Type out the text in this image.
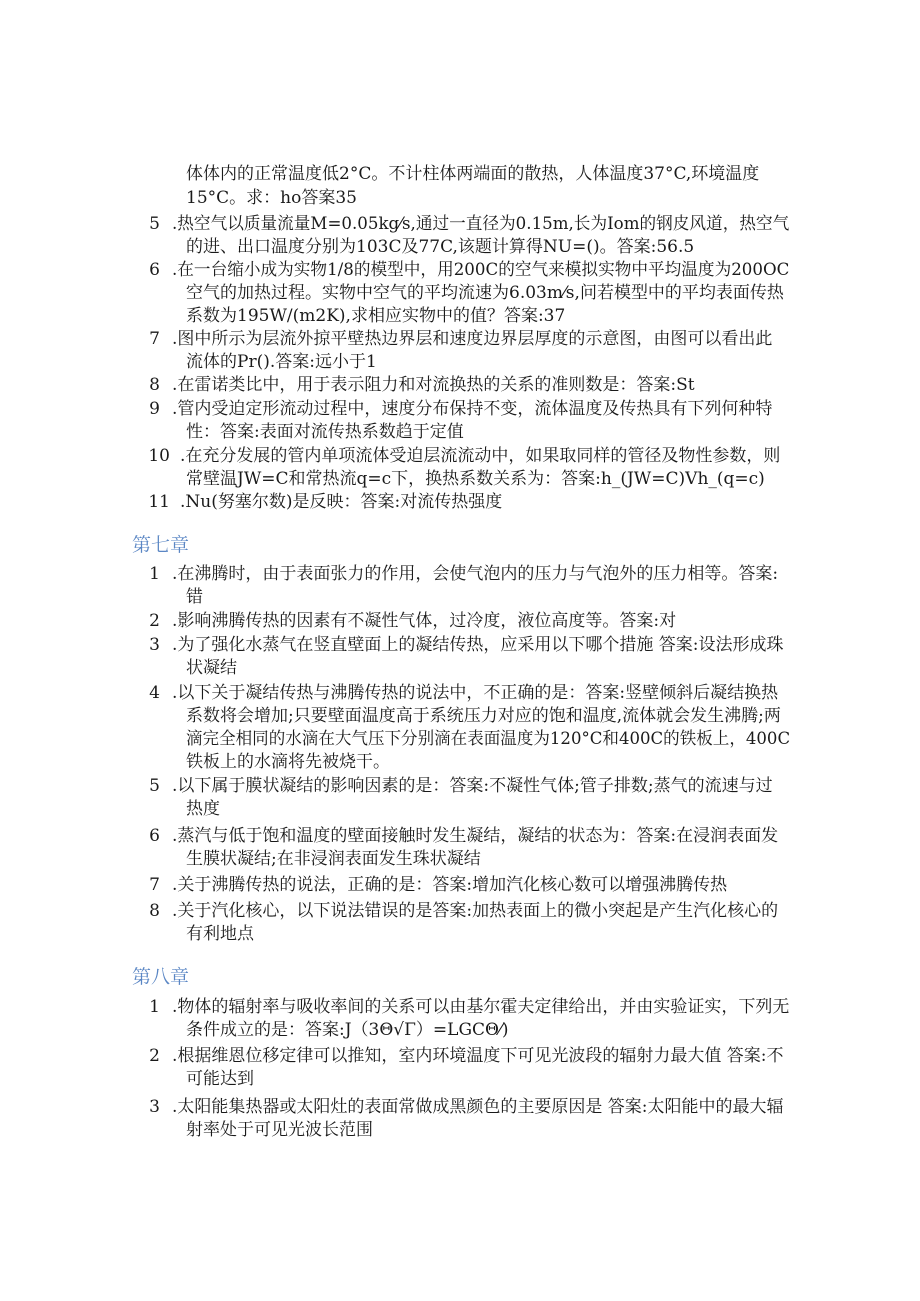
体体内的正常温度低2°C。不计柱体两端面的散热，人体温度37°C,环境温度
15°C。求：ho答案35
5 .热空气以质量流量M=0.05kg⁄s,通过一直径为0.15m,长为Iom的钢皮风道，热空气
的进、出口温度分别为103C及77C,该题计算得NU=()。答案:56.5
6 .在一台缩小成为实物1/8的模型中，用200C的空气来模拟实物中平均温度为200OC
空气的加热过程。实物中空气的平均流速为6.03m⁄s,问若模型中的平均表面传热
系数为195W/(m2K),求相应实物中的值？答案:37
7 .图中所示为层流外掠平壁热边界层和速度边界层厚度的示意图，由图可以看出此
流体的Pr().答案:远小于1
8 .在雷诺类比中，用于表示阻力和对流换热的关系的准则数是：答案:St
9 .管内受迫定形流动过程中，速度分布保持不变，流体温度及传热具有下列何种特
性：答案:表面对流传热系数趋于定值
10 .在充分发展的管内单项流体受迫层流流动中，如果取同样的管径及物性参数，则
常壁温JW=C和常热流q=c下，换热系数关系为：答案:h_(JW=C)Vh_(q=c)
11 .Nu(努塞尔数)是反映：答案:对流传热强度
第七章
1 .在沸腾时，由于表面张力的作用，会使气泡内的压力与气泡外的压力相等。答案:
错
2 .影响沸腾传热的因素有不凝性气体，过冷度，液位高度等。答案:对
3 .为了强化水蒸气在竖直壁面上的凝结传热，应采用以下哪个措施 答案:设法形成珠
状凝结
4 .以下关于凝结传热与沸腾传热的说法中，不正确的是：答案:竖壁倾斜后凝结换热
系数将会增加;只要壁面温度高于系统压力对应的饱和温度,流体就会发生沸腾;两
滴完全相同的水滴在大气压下分别滴在表面温度为120°C和400C的铁板上，400C
铁板上的水滴将先被烧干。
5 .以下属于膜状凝结的影响因素的是：答案:不凝性气体;管子排数;蒸气的流速与过
热度
6 .蒸汽与低于饱和温度的壁面接触时发生凝结，凝结的状态为：答案:在浸润表面发
生膜状凝结;在非浸润表面发生珠状凝结
7 .关于沸腾传热的说法，正确的是：答案:增加汽化核心数可以增强沸腾传热
8 .关于汽化核心，以下说法错误的是答案:加热表面上的微小突起是产生汽化核心的
有利地点
第八章
1 .物体的辐射率与吸收率间的关系可以由基尔霍夫定律给出，并由实验证实，下列无
条件成立的是：答案:J（3Θ√Γ）=LGCΘ⁄)
2 .根据维恩位移定律可以推知，室内环境温度下可见光波段的辐射力最大值 答案:不
可能达到
3 .太阳能集热器或太阳灶的表面常做成黑颜色的主要原因是 答案:太阳能中的最大辐
射率处于可见光波长范围
